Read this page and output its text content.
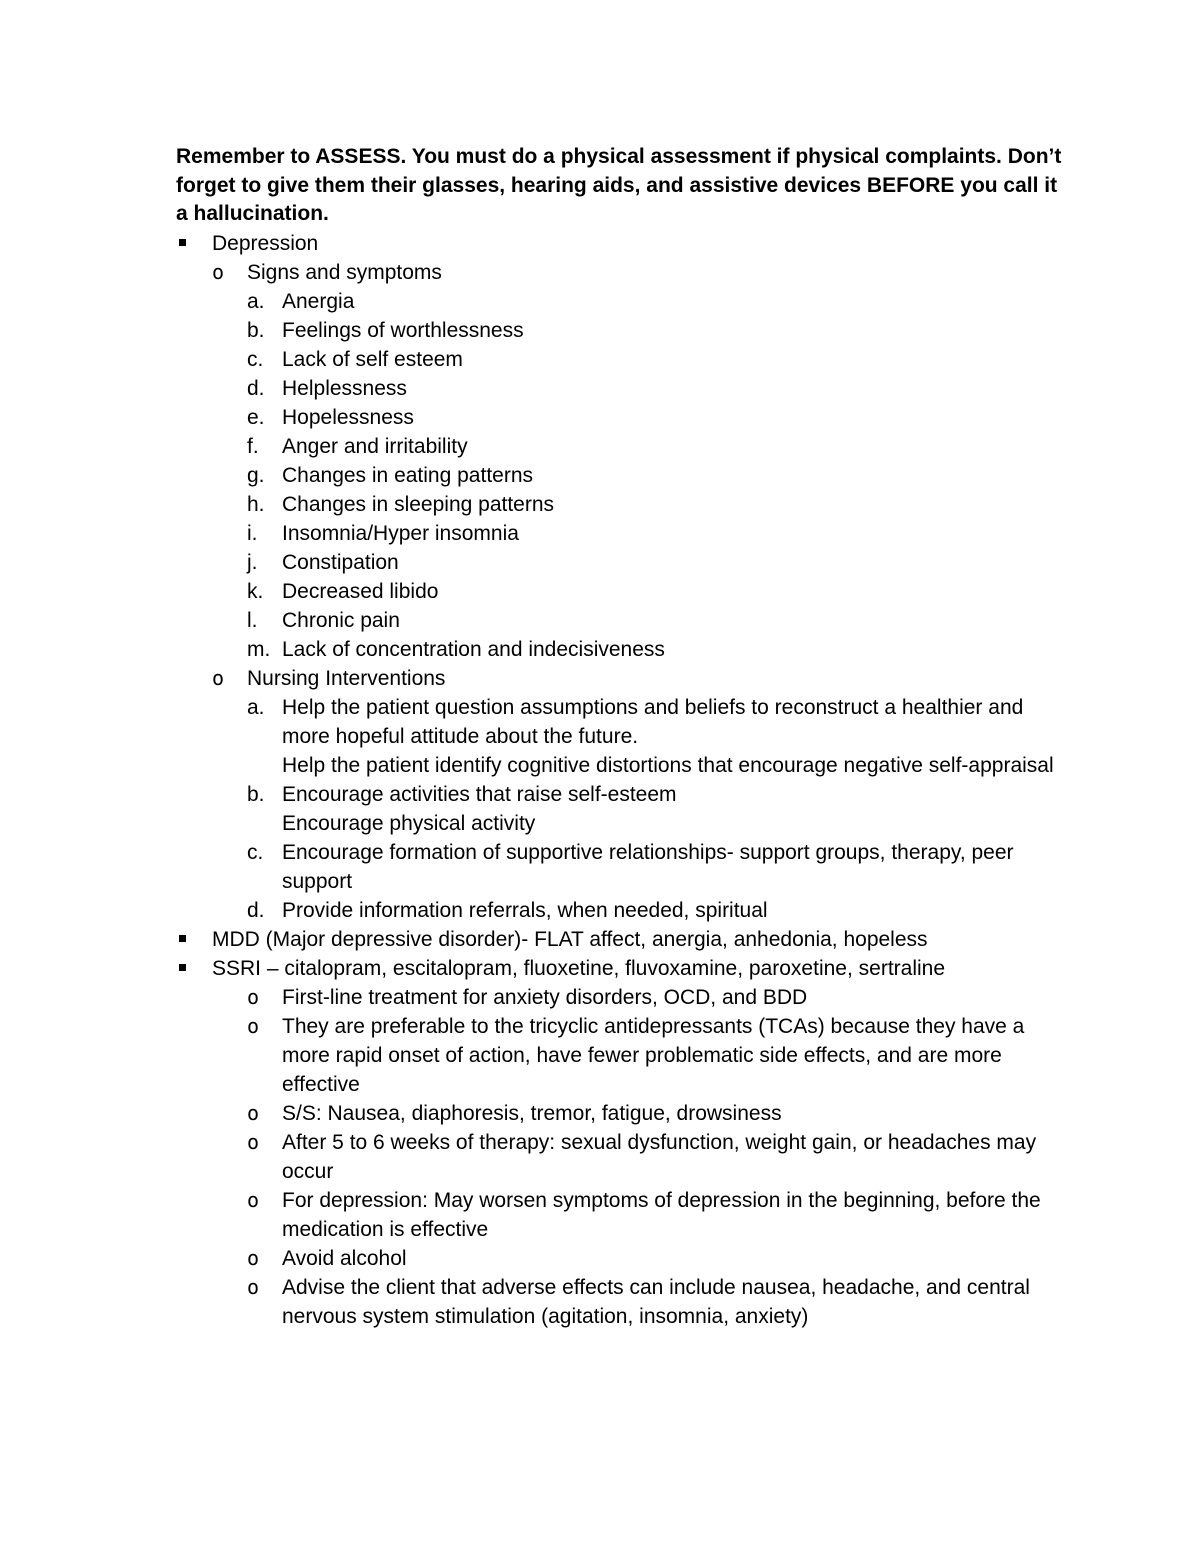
Remember to ASSESS. You must do a physical assessment if physical complaints. Don’t forget to give them their glasses, hearing aids, and assistive devices BEFORE you call it a hallucination.
Depression
o Signs and symptoms
a. Anergia
b. Feelings of worthlessness
c. Lack of self esteem
d. Helplessness
e. Hopelessness
f. Anger and irritability
g. Changes in eating patterns
h. Changes in sleeping patterns
i. Insomnia/Hyper insomnia
j. Constipation
k. Decreased libido
l. Chronic pain
m. Lack of concentration and indecisiveness
o Nursing Interventions
a. Help the patient question assumptions and beliefs to reconstruct a healthier and more hopeful attitude about the future.
Help the patient identify cognitive distortions that encourage negative self-appraisal
b. Encourage activities that raise self-esteem
Encourage physical activity
c. Encourage formation of supportive relationships- support groups, therapy, peer support
d. Provide information referrals, when needed, spiritual
MDD (Major depressive disorder)- FLAT affect, anergia, anhedonia, hopeless
SSRI – citalopram, escitalopram, fluoxetine, fluvoxamine, paroxetine, sertraline
o First-line treatment for anxiety disorders, OCD, and BDD
o They are preferable to the tricyclic antidepressants (TCAs) because they have a more rapid onset of action, have fewer problematic side effects, and are more effective
o S/S: Nausea, diaphoresis, tremor, fatigue, drowsiness
o After 5 to 6 weeks of therapy: sexual dysfunction, weight gain, or headaches may occur
o For depression: May worsen symptoms of depression in the beginning, before the medication is effective
o Avoid alcohol
o Advise the client that adverse effects can include nausea, headache, and central nervous system stimulation (agitation, insomnia, anxiety)
